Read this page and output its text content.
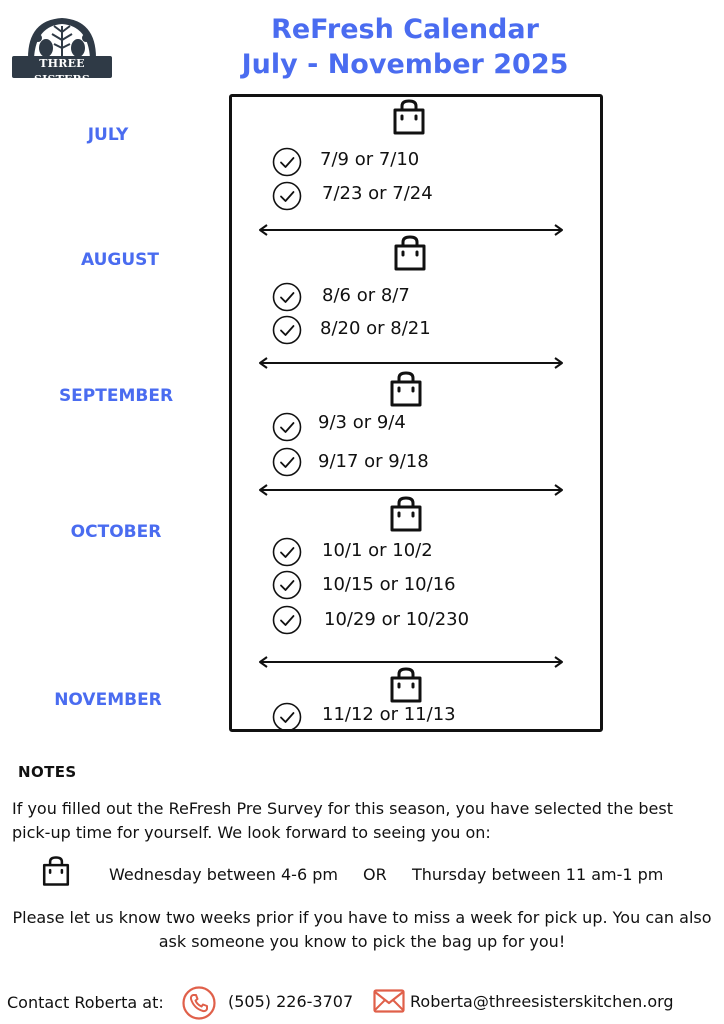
THREE SISTERS
KITCHEN
ReFresh Calendar
July - November 2025
JULY
7/9 or 7/10
7/23 or 7/24
AUGUST
8/6 or 8/7
8/20 or 8/21
SEPTEMBER
9/3 or 9/4
9/17 or 9/18
OCTOBER
10/1 or 10/2
10/15 or 10/16
10/29 or 10/230
NOVEMBER
11/12 or 11/13
NOTES
If you filled out the ReFresh Pre Survey for this season, you have selected the best pick-up time for yourself. We look forward to seeing you on:
Wednesday between 4-6 pm OR Thursday between 11 am-1 pm
Please let us know two weeks prior if you have to miss a week for pick up. You can also ask someone you know to pick the bag up for you!
Contact Roberta at:	(505) 226-3707	Roberta@threesisterskitchen.org
